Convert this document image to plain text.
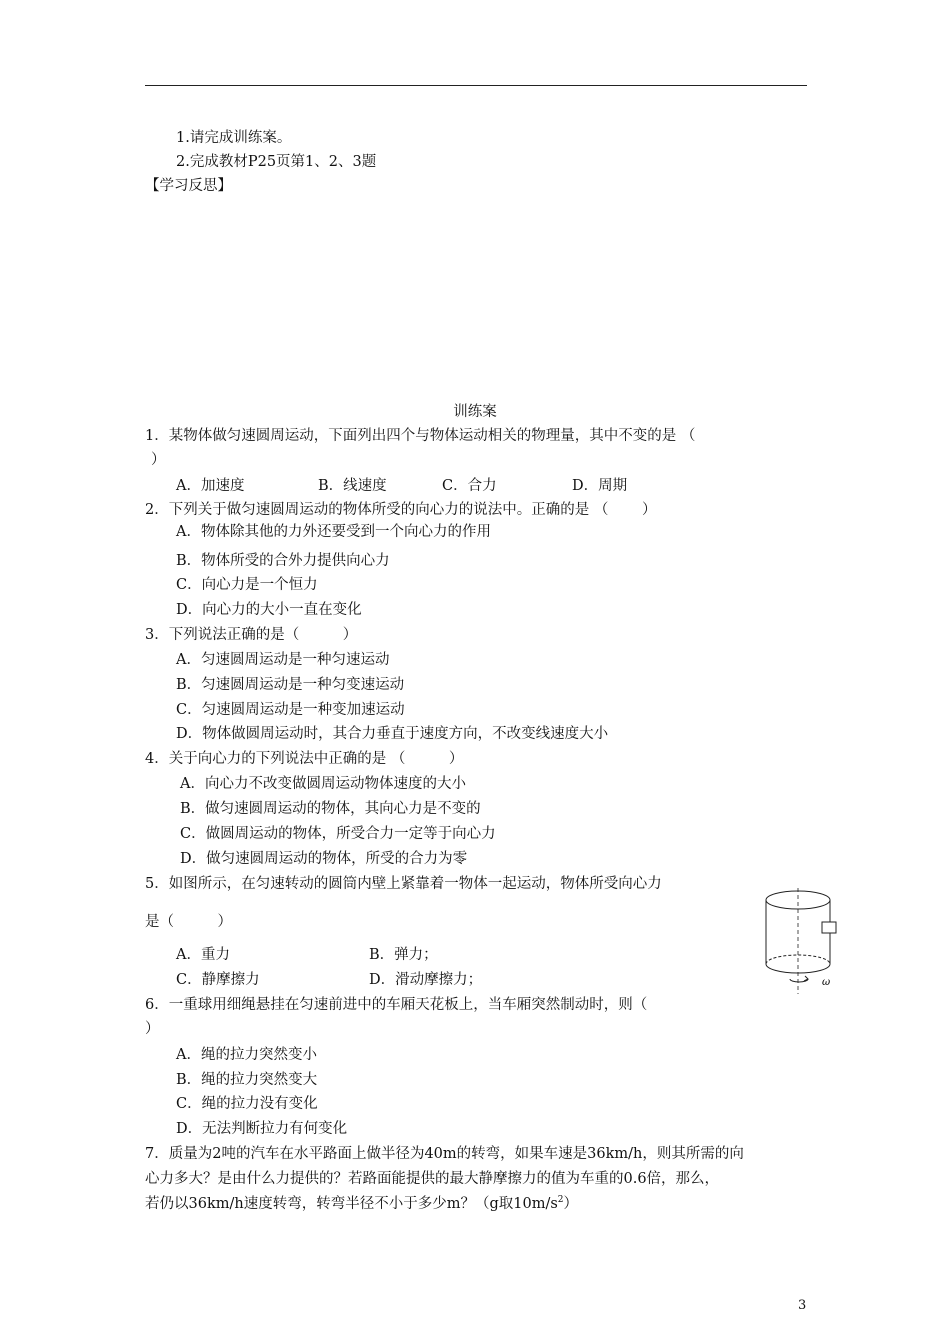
1.请完成训练案。
2.完成教材P25页第1、2、3题
【学习反思】
训练案
1．某物体做匀速圆周运动，下面列出四个与物体运动相关的物理量，其中不变的是 （
）
A．加速度	B．线速度	C．合力	D．周期
2．下列关于做匀速圆周运动的物体所受的向心力的说法中。正确的是 （　　 ）
A．物体除其他的力外还要受到一个向心力的作用
B．物体所受的合外力提供向心力
C．向心力是一个恒力
D．向心力的大小一直在变化
3．下列说法正确的是（　　　）
A．匀速圆周运动是一种匀速运动
B．匀速圆周运动是一种匀变速运动
C．匀速圆周运动是一种变加速运动
D．物体做圆周运动时，其合力垂直于速度方向，不改变线速度大小
4．关于向心力的下列说法中正确的是 （　　　）
A．向心力不改变做圆周运动物体速度的大小
B．做匀速圆周运动的物体，其向心力是不变的
C．做圆周运动的物体，所受合力一定等于向心力
D．做匀速圆周运动的物体，所受的合力为零
5．如图所示，在匀速转动的圆筒内壁上紧靠着一物体一起运动，物体所受向心力
是（　　　）
A．重力	B．弹力；
C．静摩擦力	D．滑动摩擦力；	ω
6．一重球用细绳悬挂在匀速前进中的车厢天花板上，当车厢突然制动时，则（
）
A．绳的拉力突然变小
B．绳的拉力突然变大
C．绳的拉力没有变化
D．无法判断拉力有何变化
7．质量为2吨的汽车在水平路面上做半径为40m的转弯，如果车速是36km/h，则其所需的向
心力多大？是由什么力提供的？若路面能提供的最大静摩擦力的值为车重的0.6倍，那么，
若仍以36km/h速度转弯，转弯半径不小于多少m？（g取$10m/s^2$）
3
